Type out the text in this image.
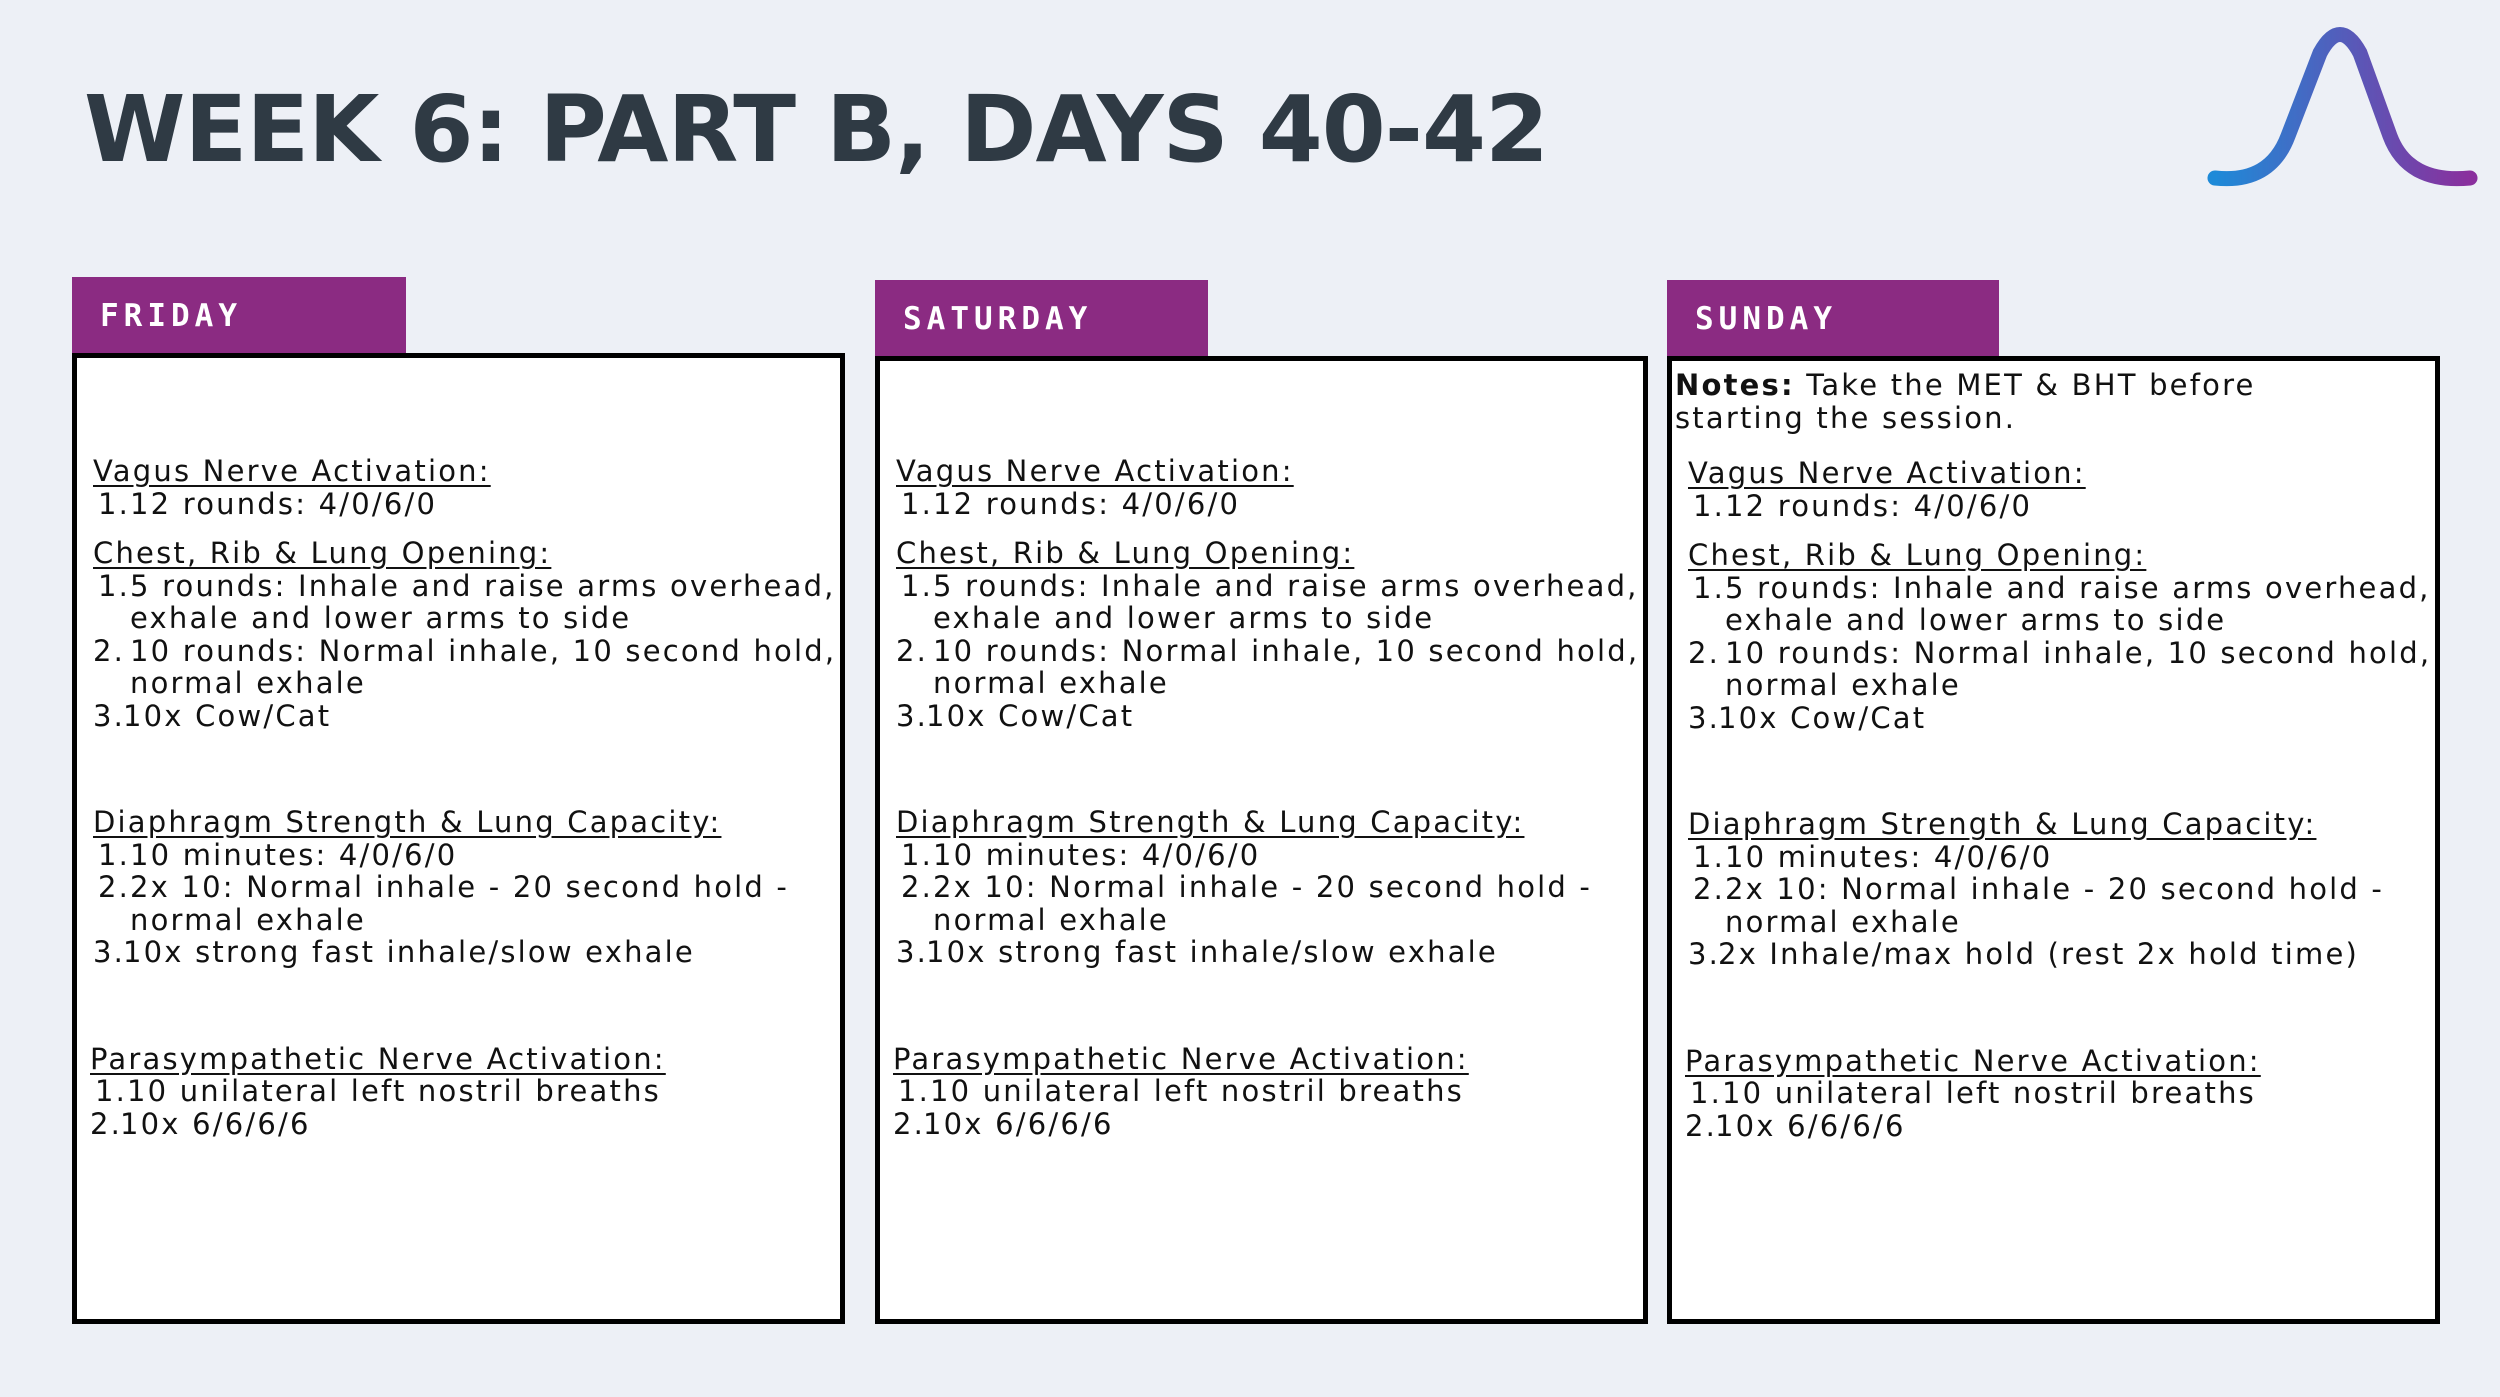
WEEK 6: PART B, DAYS 40-42
FRIDAY
Vagus Nerve Activation:
1. 12 rounds: 4/0/6/0
Chest, Rib & Lung Opening:
1. 5 rounds: Inhale and raise arms overhead,
exhale and lower arms to side
2. 10 rounds: Normal inhale, 10 second hold,
normal exhale
3.
10x Cow/Cat
Diaphragm Strength & Lung Capacity:
1. 10 minutes: 4/0/6/0
2. 2x 10: Normal inhale - 20 second hold -
normal exhale
3.
10x strong fast inhale/slow exhale
Parasympathetic Nerve Activation:
1. 10 unilateral left nostril breaths
2.
10x 6/6/6/6
SATURDAY
Vagus Nerve Activation:
1. 12 rounds: 4/0/6/0
Chest, Rib & Lung Opening:
1. 5 rounds: Inhale and raise arms overhead,
exhale and lower arms to side
2. 10 rounds: Normal inhale, 10 second hold,
normal exhale
3.
10x Cow/Cat
Diaphragm Strength & Lung Capacity:
1. 10 minutes: 4/0/6/0
2. 2x 10: Normal inhale - 20 second hold -
normal exhale
3.
10x strong fast inhale/slow exhale
Parasympathetic Nerve Activation:
1. 10 unilateral left nostril breaths
2.
10x 6/6/6/6
SUNDAY
Notes: Take the MET & BHT before starting the session.
Vagus Nerve Activation:
1. 12 rounds: 4/0/6/0
Chest, Rib & Lung Opening:
1. 5 rounds: Inhale and raise arms overhead,
exhale and lower arms to side
2. 10 rounds: Normal inhale, 10 second hold,
normal exhale
3.
10x Cow/Cat
Diaphragm Strength & Lung Capacity:
1. 10 minutes: 4/0/6/0
2. 2x 10: Normal inhale - 20 second hold -
normal exhale
3.
2x Inhale/max hold (rest 2x hold time)
Parasympathetic Nerve Activation:
1. 10 unilateral left nostril breaths
2.
10x 6/6/6/6
